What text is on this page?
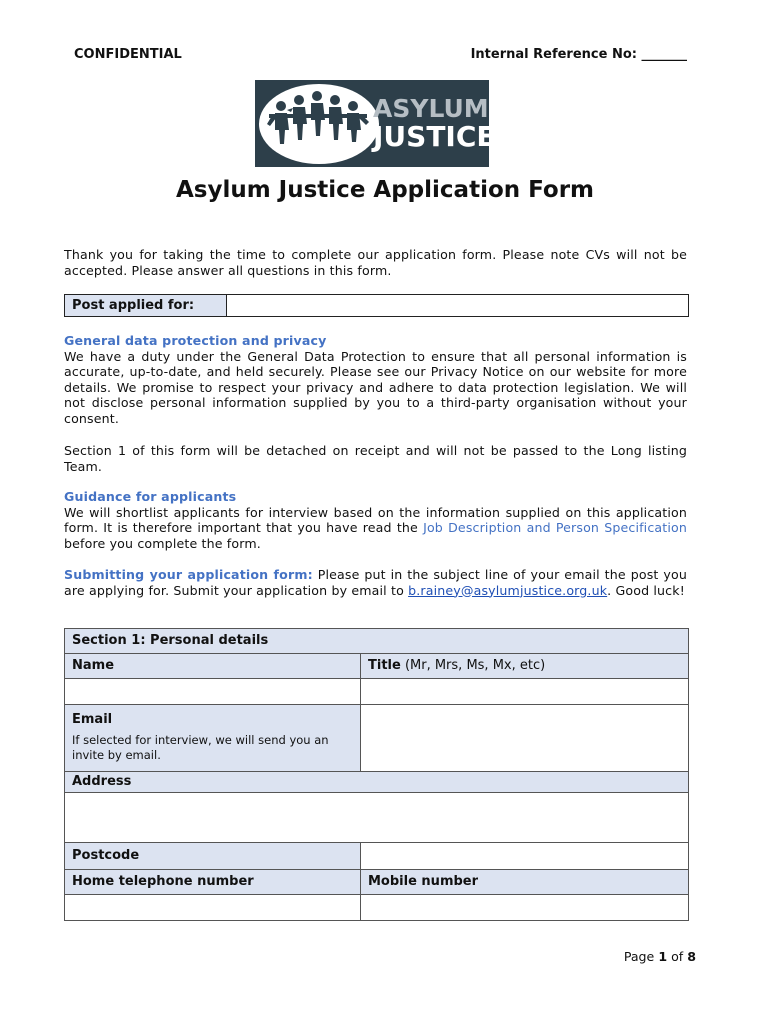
CONFIDENTIAL	Internal Reference No: _______
ASYLUM
JUSTICE
Asylum Justice Application Form
Thank you for taking the time to complete our application form. Please note CVs will not be accepted. Please answer all questions in this form.
Post applied for:
General data protection and privacy
We have a duty under the General Data Protection to ensure that all personal information is accurate, up-to-date, and held securely. Please see our Privacy Notice on our website for more details. We promise to respect your privacy and adhere to data protection legislation. We will not disclose personal information supplied by you to a third-party organisation without your consent.
Section 1 of this form will be detached on receipt and will not be passed to the Long listing Team.
Guidance for applicants
We will shortlist applicants for interview based on the information supplied on this application form. It is therefore important that you have read the Job Description and Person Specification before you complete the form.
Submitting your application form: Please put in the subject line of your email the post you are applying for. Submit your application by email to b.rainey@asylumjustice.org.uk. Good luck!
Section 1: Personal details	
Name	Title (Mr, Mrs, Ms, Mx, etc)

Email
If selected for interview, we will send you an invite by email.	

Address	

Postcode	
Home telephone number	Mobile number

Page 1 of 8
